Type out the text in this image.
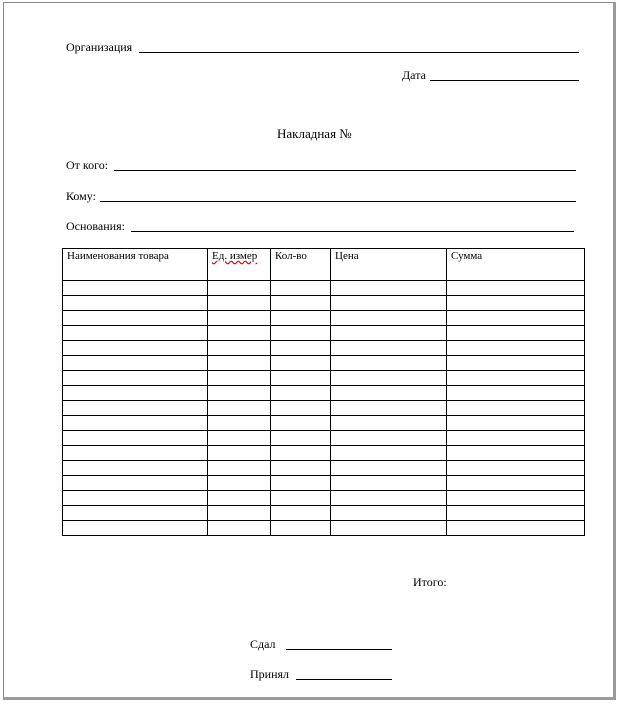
Организация
Дата
Накладная №
От кого:
Кому:
Основания:
Наименования товара	Ед. измер	Кол-во	Цена	Сумма

Итого:
Сдал
Принял
